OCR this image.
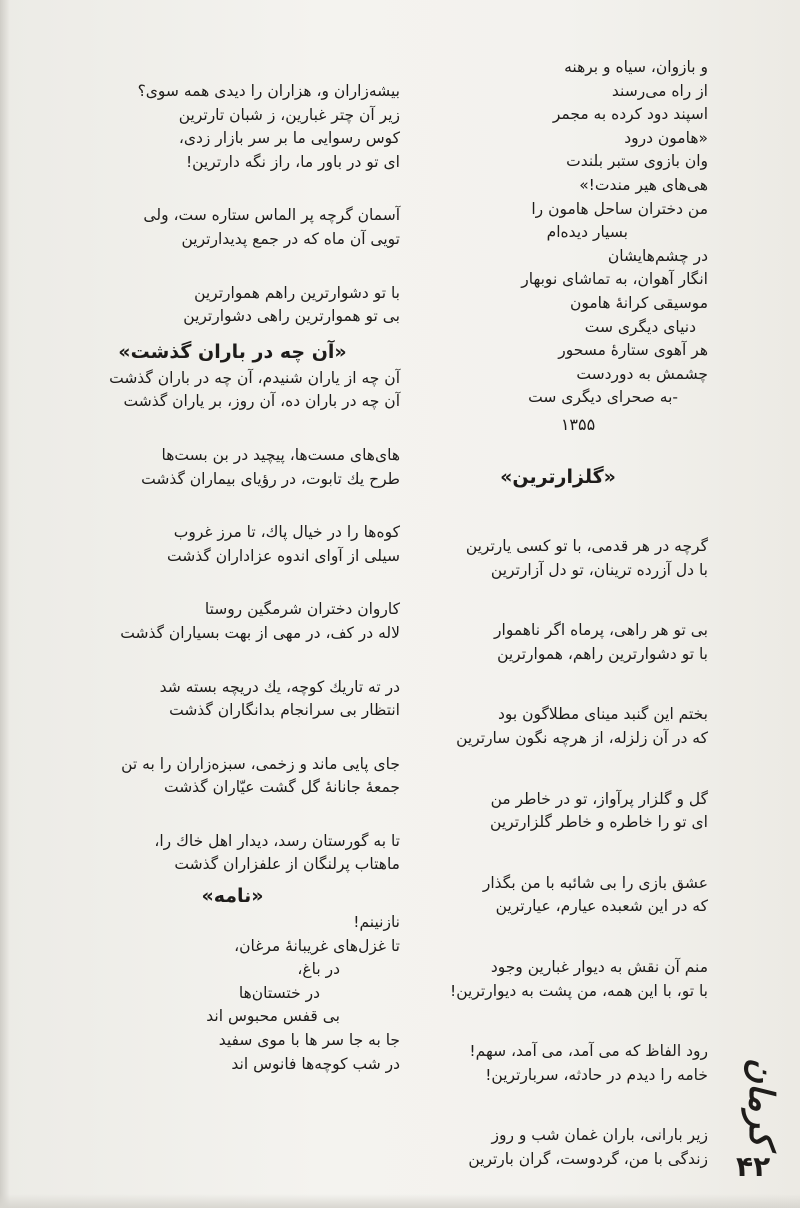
و بازوان، سیاه و برهنه
از راه می‌رسند
اسپند دود کرده به مجمر
«هامون درود
وان بازوی ستبر بلندت
هی‌های هیر مندت!»
من دختران ساحل هامون را
بسیار دیده‌ام
در چشم‌هایشان
انگار آهوان، به تماشای نوبهار
موسیقی کرانهٔ هامون
دنیای دیگری ست
هر آهوی ستارهٔ مسحور
چشمش به دوردست
-به صحرای دیگری ست
۱۳۵۵
«گلزارترین»
گرچه در هر قدمی، با تو کسی یارترین
با دل آزرده ترینان، تو دل آزارترین
بی تو هر راهی، پرماه اگر ناهموار
با تو دشوارترین راهم، هموارترین
بختم این گنبد مینای مطلاگون بود
که در آن زلزله، از هرچه نگون سارترین
گل و گلزار پرآواز، تو در خاطر من
ای تو را خاطره و خاطر گلزارترین
عشق بازی را بی شائبه با من بگذار
که در این شعبده عیارم، عیارترین
منم آن نقش به دیوار غبارین وجود
با تو، با این همه، من پشت به دیوارترین!
رود الفاظ که می آمد، می آمد، سهم!
خامه را دیدم در حادثه، سربارترین!
زیر بارانی، باران غمان شب و روز
زندگی با من، گردوست، گران بارترین
بیشه‌زاران و، هزاران را دیدی همه سوی؟
زیر آن چتر غبارین، ز شبان تارترین
کوس رسوایی ما بر سر بازار زدی،
ای تو در باور ما، راز نگه دارترین!
آسمان گرچه پر الماس ستاره ست، ولی
تویی آن ماه که در جمع پدیدارترین
با تو دشوارترین راهم هموارترین
بی تو هموارترین راهی دشوارترین
«آن چه در باران گذشت»
آن چه از یاران شنیدم، آن چه در باران گذشت
آن چه در باران ده، آن روز، بر یاران گذشت
های‌های مست‌ها، پیچید در بن بست‌ها
طرح یك تابوت، در رؤیای بیماران گذشت
کوه‌ها را در خیال پاك، تا مرز غروب
سیلی از آوای اندوه عزاداران گذشت
کاروان دختران شرمگین روستا
لاله در کف، در مهی از بهت بسیاران گذشت
در ته تاریك کوچه، یك دریچه بسته شد
انتظار بی سرانجام بدانگاران گذشت
جای پایی ماند و زخمی، سبزه‌زاران را به تن
جمعهٔ جانانهٔ گل گشت عیّاران گذشت
تا به گورستان رسد، دیدار اهل خاك را،
ماهتاب پرلنگان از علفزاران گذشت
«نامه»
نازنینم!
تا غزل‌های غریبانهٔ مرغان،
در باغ،
در ختستان‌ها
بی قفس محبوس اند
جا به جا سر ها با موی سفید
در شب کوچه‌ها فانوس اند	کرمان
۴۲
